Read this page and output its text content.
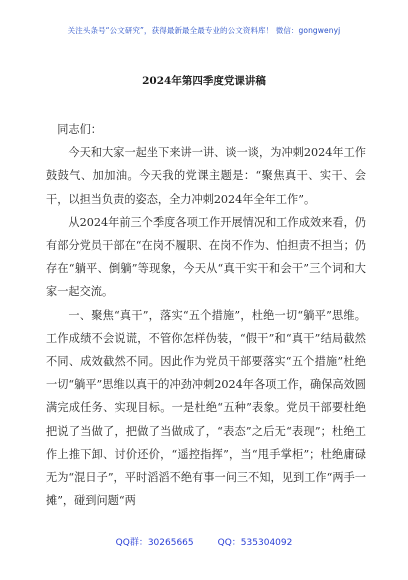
关注头条号“公文研究”，获得最新最全最专业的公文资料库！ 微信：gongwenyj
2024年第四季度党课讲稿

同志们：

今天和大家一起坐下来讲一讲、谈一谈，为冲刺2024年工作鼓鼓气、加加油。今天我的党课主题是：“聚焦真干、实干、会干，以担当负责的姿态，全力冲刺2024年全年工作”。

从2024年前三个季度各项工作开展情况和工作成效来看，仍有部分党员干部在“在岗不履职、在岗不作为、怕担责不担当；仍存在“躺平、倒躺”等现象，今天从“真干实干和会干”三个词和大家一起交流。

一、聚焦“真干”，落实“五个措施”，杜绝一切“躺平”思维。工作成绩不会说谎，不管你怎样伪装，“假干”和“真干”结局截然不同、成效截然不同。因此作为党员干部要落实“五个措施”杜绝一切“躺平”思维以真干的冲劲冲刺2024年各项工作，确保高效圆满完成任务、实现目标。一是杜绝“五种”表象。党员干部要杜绝把说了当做了，把做了当做成了，“表态”之后无“表现”；杜绝工作上推下卸、讨价还价，“遥控指挥”，当“甩手掌柜”；杜绝庸碌无为“混日子”，平时滔滔不绝有事一问三不知，见到工作“两手一摊”，碰到问题“两

QQ群：30265665	QQ：535304092
